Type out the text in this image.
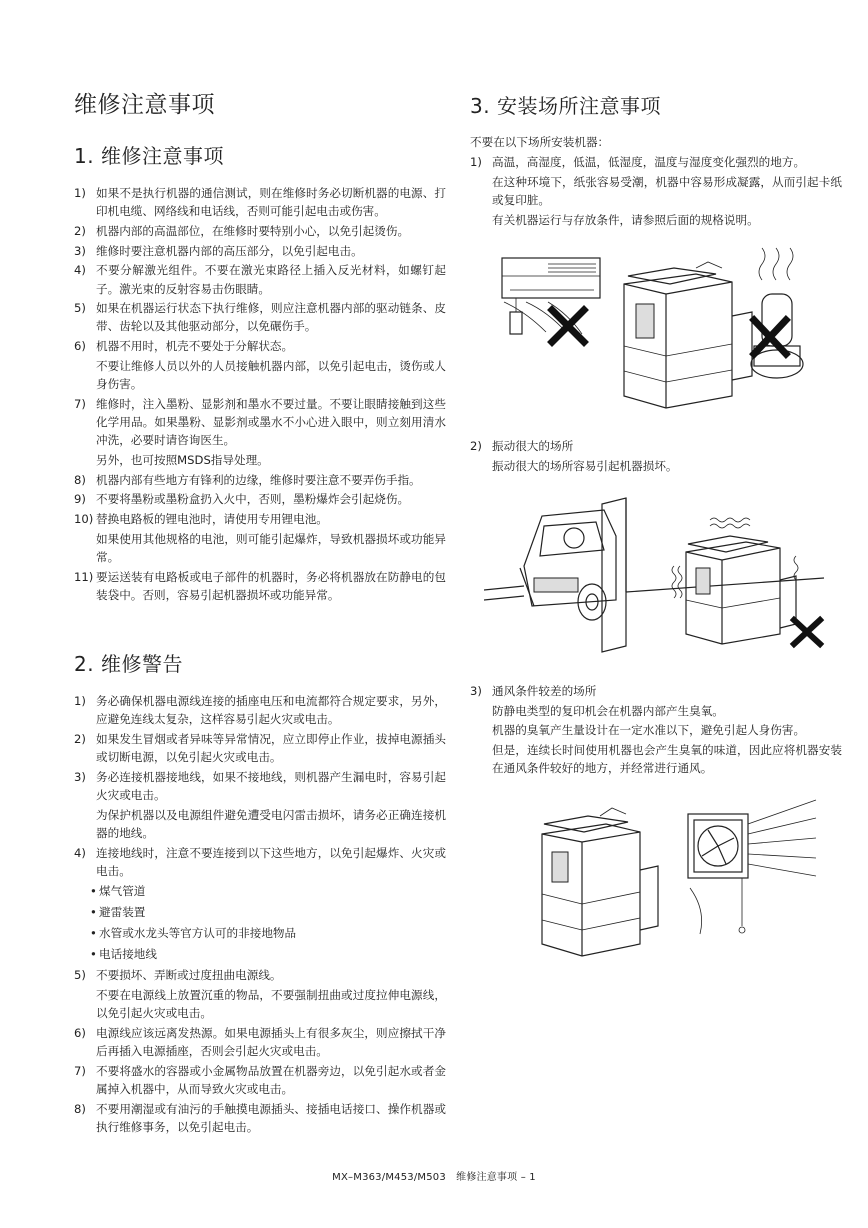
维修注意事项
1. 维修注意事项
1) 如果不是执行机器的通信测试，则在维修时务必切断机器的电源、打印机电缆、网络线和电话线，否则可能引起电击或伤害。
2) 机器内部的高温部位，在维修时要特别小心，以免引起烫伤。
3) 维修时要注意机器内部的高压部分，以免引起电击。
4) 不要分解激光组件。不要在激光束路径上插入反光材料，如螺钉起子。激光束的反射容易击伤眼睛。
5) 如果在机器运行状态下执行维修，则应注意机器内部的驱动链条、皮带、齿轮以及其他驱动部分，以免碾伤手。
6) 机器不用时，机壳不要处于分解状态。
不要让维修人员以外的人员接触机器内部，以免引起电击，烫伤或人身伤害。
7) 维修时，注入墨粉、显影剂和墨水不要过量。不要让眼睛接触到这些化学用品。如果墨粉、显影剂或墨水不小心进入眼中，则立刻用清水冲洗，必要时请咨询医生。
另外，也可按照MSDS指导处理。
8) 机器内部有些地方有锋利的边缘，维修时要注意不要弄伤手指。
9) 不要将墨粉或墨粉盒扔入火中，否则，墨粉爆炸会引起烧伤。
10) 替换电路板的锂电池时，请使用专用锂电池。
如果使用其他规格的电池，则可能引起爆炸，导致机器损坏或功能异常。
11) 要运送装有电路板或电子部件的机器时，务必将机器放在防静电的包装袋中。否则，容易引起机器损坏或功能异常。
2. 维修警告
1) 务必确保机器电源线连接的插座电压和电流都符合规定要求，另外，应避免连线太复杂，这样容易引起火灾或电击。
2) 如果发生冒烟或者异味等异常情况，应立即停止作业，拔掉电源插头或切断电源，以免引起火灾或电击。
3) 务必连接机器接地线，如果不接地线，则机器产生漏电时，容易引起火灾或电击。
为保护机器以及电源组件避免遭受电闪雷击损坏，请务必正确连接机器的地线。
4) 连接地线时，注意不要连接到以下这些地方，以免引起爆炸、火灾或电击。
• 煤气管道
• 避雷装置
• 水管或水龙头等官方认可的非接地物品
• 电话接地线
5) 不要损坏、弄断或过度扭曲电源线。
不要在电源线上放置沉重的物品，不要强制扭曲或过度拉伸电源线，以免引起火灾或电击。
6) 电源线应该远离发热源。如果电源插头上有很多灰尘，则应擦拭干净后再插入电源插座，否则会引起火灾或电击。
7) 不要将盛水的容器或小金属物品放置在机器旁边，以免引起水或者金属掉入机器中，从而导致火灾或电击。
8) 不要用潮湿或有油污的手触摸电源插头、接插电话接口、操作机器或执行维修事务，以免引起电击。
3. 安装场所注意事项
不要在以下场所安装机器：
1) 高温，高湿度，低温，低湿度，温度与湿度变化强烈的地方。
在这种环境下，纸张容易受潮，机器中容易形成凝露，从而引起卡纸或复印脏。
有关机器运行与存放条件，请参照后面的规格说明。
2) 振动很大的场所
振动很大的场所容易引起机器损坏。
3) 通风条件较差的场所
防静电类型的复印机会在机器内部产生臭氧。
机器的臭氧产生量设计在一定水准以下，避免引起人身伤害。
但是，连续长时间使用机器也会产生臭氧的味道，因此应将机器安装在通风条件较好的地方，并经常进行通风。
MX–M363/M453/M503　维修注意事项 – 1
